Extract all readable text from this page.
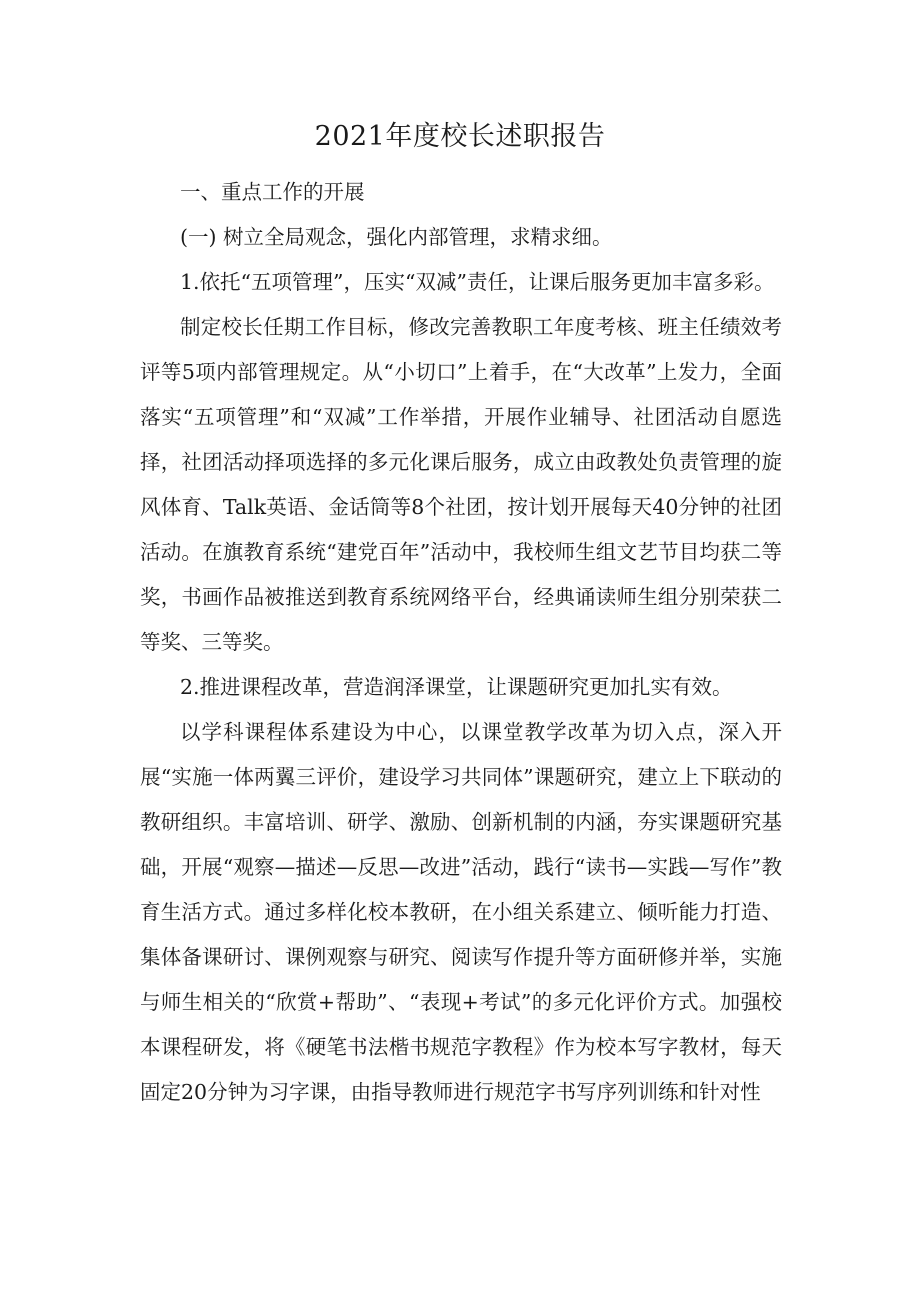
2021年度校长述职报告

一、重点工作的开展

(一) 树立全局观念，强化内部管理，求精求细。

1.依托“五项管理”，压实“双减”责任，让课后服务更加丰富多彩。

制定校长任期工作目标，修改完善教职工年度考核、班主任绩效考评等5项内部管理规定。从“小切口”上着手，在“大改革”上发力，全面落实“五项管理”和“双减”工作举措，开展作业辅导、社团活动自愿选择，社团活动择项选择的多元化课后服务，成立由政教处负责管理的旋风体育、Talk英语、金话筒等8个社团，按计划开展每天40分钟的社团活动。在旗教育系统“建党百年”活动中，我校师生组文艺节目均获二等奖，书画作品被推送到教育系统网络平台，经典诵读师生组分别荣获二等奖、三等奖。

2.推进课程改革，营造润泽课堂，让课题研究更加扎实有效。

以学科课程体系建设为中心，以课堂教学改革为切入点，深入开展“实施一体两翼三评价，建设学习共同体”课题研究，建立上下联动的教研组织。丰富培训、研学、激励、创新机制的内涵，夯实课题研究基础，开展“观察—描述—反思—改进”活动，践行“读书—实践—写作”教育生活方式。通过多样化校本教研，在小组关系建立、倾听能力打造、集体备课研讨、课例观察与研究、阅读写作提升等方面研修并举，实施与师生相关的“欣赏+帮助”、“表现+考试”的多元化评价方式。加强校本课程研发，将《硬笔书法楷书规范字教程》作为校本写字教材，每天固定20分钟为习字课，由指导教师进行规范字书写序列训练和针对性
